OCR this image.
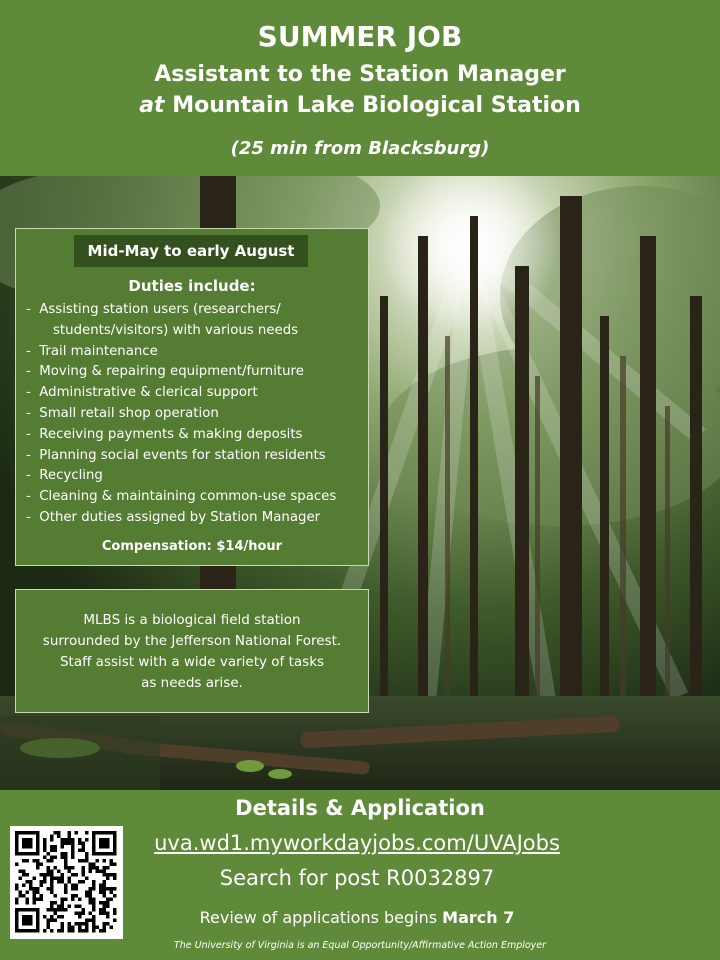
SUMMER JOB
Assistant to the Station Manager
at Mountain Lake Biological Station
(25 min from Blacksburg)
Mid-May to early August
Duties include:
-  Assisting station users (researchers/
students/visitors) with various needs
-  Trail maintenance
-  Moving & repairing equipment/furniture
-  Administrative & clerical support
-  Small retail shop operation
-  Receiving payments & making deposits
-  Planning social events for station residents
-  Recycling
-  Cleaning & maintaining common-use spaces
-  Other duties assigned by Station Manager
Compensation: $14/hour
MLBS is a biological field station
surrounded by the Jefferson National Forest.
Staff assist with a wide variety of tasks
as needs arise.
Details & Application
uva.wd1.myworkdayjobs.com/UVAJobs
Search for post R0032897
Review of applications begins March 7
The University of Virginia is an Equal Opportunity/Affirmative Action Employer
